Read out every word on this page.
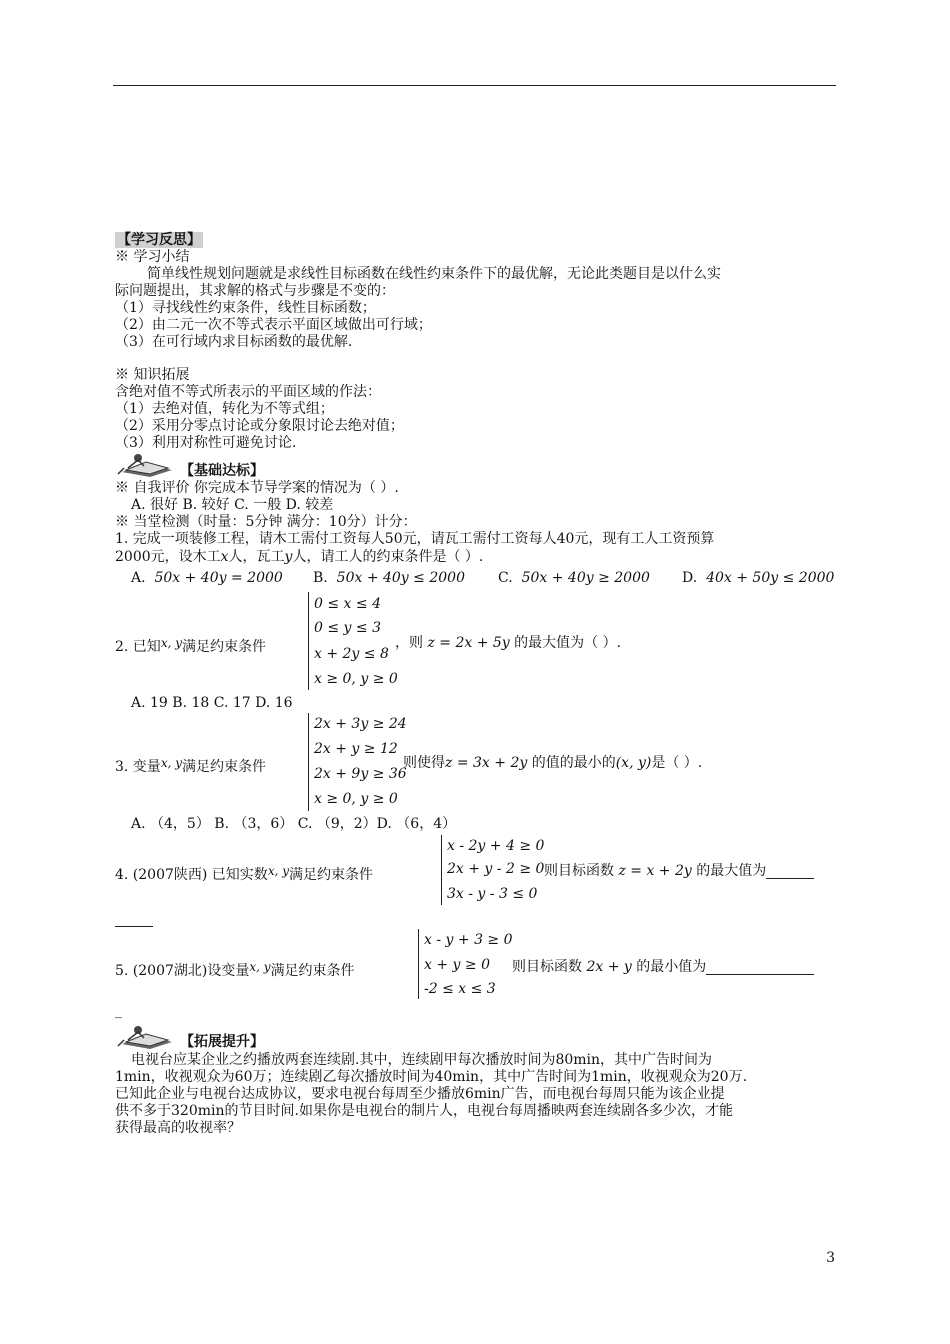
【学习反思】
※ 学习小结
简单线性规划问题就是求线性目标函数在线性约束条件下的最优解，无论此类题目是以什么实
际问题提出，其求解的格式与步骤是不变的：
（1）寻找线性约束条件，线性目标函数；
（2）由二元一次不等式表示平面区域做出可行域；
（3）在可行域内求目标函数的最优解.
※ 知识拓展
含绝对值不等式所表示的平面区域的作法：
（1）去绝对值，转化为不等式组；
（2）采用分零点讨论或分象限讨论去绝对值；
（3）利用对称性可避免讨论.
【基础达标】
※ 自我评价 你完成本节导学案的情况为（ ）.
A. 很好 B. 较好 C. 一般 D. 较差
※ 当堂检测（时量：5分钟 满分：10分）计分：
1. 完成一项装修工程，请木工需付工资每人50元，请瓦工需付工资每人40元，现有工人工资预算
2000元，设木工x人，瓦工y人，请工人的约束条件是（ ）.
A. 50x + 40y = 2000 B. 50x + 40y ≤ 2000 C. 50x + 40y ≥ 2000 D. 40x + 50y ≤ 2000
2. 已知x, y满足约束条件
0 ≤ x ≤ 4
0 ≤ y ≤ 3
x + 2y ≤ 8
x ≥ 0, y ≥ 0
，则 z = 2x + 5y 的最大值为（ ）.
A. 19 B. 18 C. 17 D. 16
3. 变量x, y满足约束条件
2x + 3y ≥ 24
2x + y ≥ 12
2x + 9y ≥ 36
x ≥ 0, y ≥ 0
则使得z = 3x + 2y 的值的最小的(x, y)是（ ）.
A. （4，5） B. （3，6） C. （9，2）D. （6，4）
4. (2007陕西) 已知实数x, y满足约束条件
x - 2y + 4 ≥ 0
2x + y - 2 ≥ 0
3x - y - 3 ≤ 0
则目标函数 z = x + 2y 的最大值为
5. (2007湖北)设变量x, y满足约束条件
x - y + 3 ≥ 0
x + y ≥ 0
-2 ≤ x ≤ 3
则目标函数 2x + y 的最小值为
_
【拓展提升】
电视台应某企业之约播放两套连续剧.其中，连续剧甲每次播放时间为80min，其中广告时间为
1min，收视观众为60万；连续剧乙每次播放时间为40min，其中广告时间为1min，收视观众为20万.
已知此企业与电视台达成协议，要求电视台每周至少播放6min广告，而电视台每周只能为该企业提
供不多于320min的节目时间.如果你是电视台的制片人，电视台每周播映两套连续剧各多少次，才能
获得最高的收视率？
3
